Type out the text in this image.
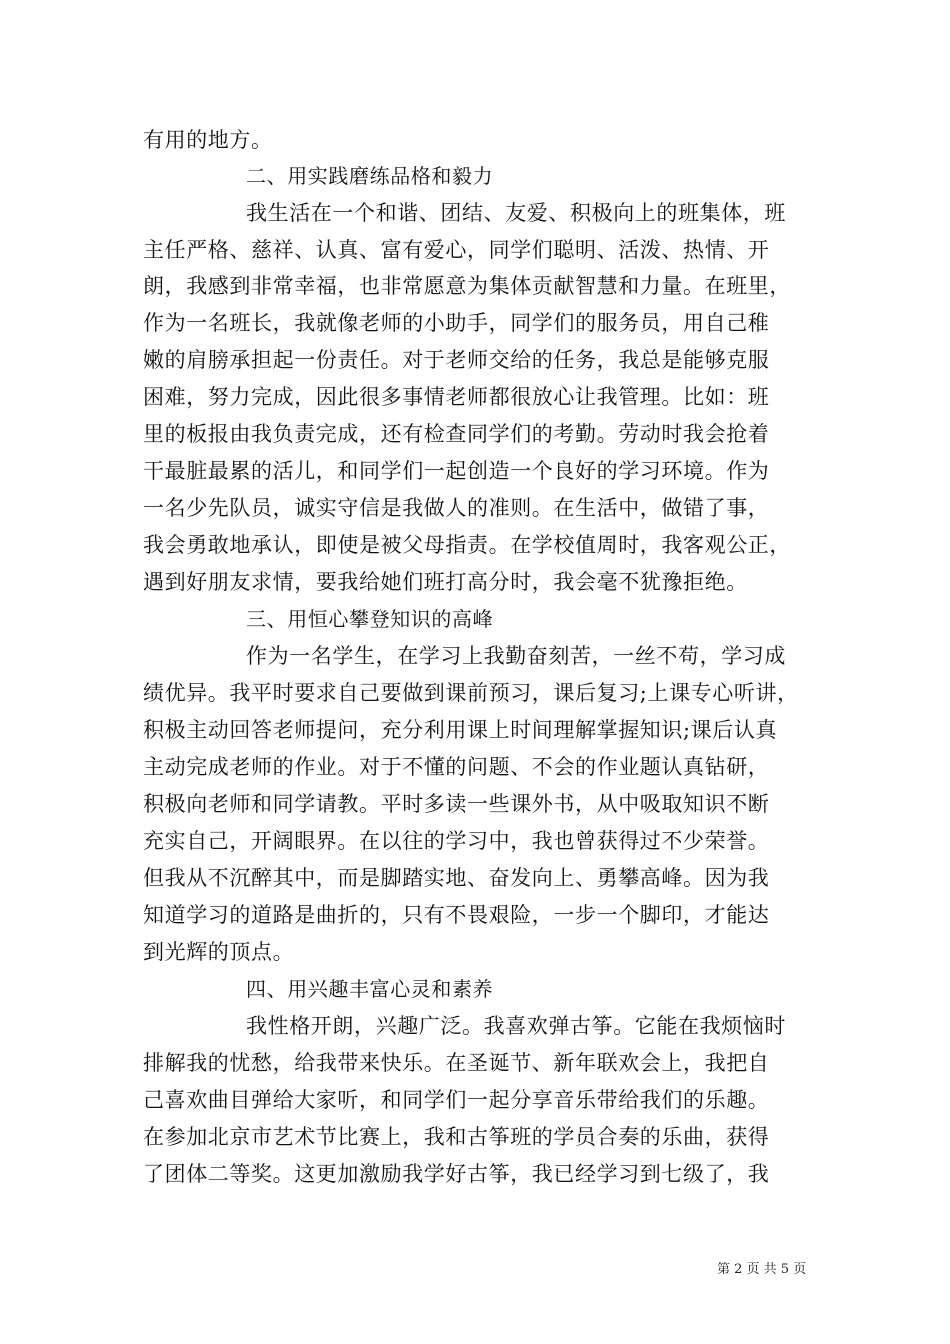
有用的地方。
二、用实践磨练品格和毅力
我生活在一个和谐、团结、友爱、积极向上的班集体，班
主任严格、慈祥、认真、富有爱心，同学们聪明、活泼、热情、开
朗，我感到非常幸福，也非常愿意为集体贡献智慧和力量。在班里，
作为一名班长，我就像老师的小助手，同学们的服务员，用自己稚
嫩的肩膀承担起一份责任。对于老师交给的任务，我总是能够克服
困难，努力完成，因此很多事情老师都很放心让我管理。比如：班
里的板报由我负责完成，还有检查同学们的考勤。劳动时我会抢着
干最脏最累的活儿，和同学们一起创造一个良好的学习环境。作为
一名少先队员，诚实守信是我做人的准则。在生活中，做错了事，
我会勇敢地承认，即使是被父母指责。在学校值周时，我客观公正，
遇到好朋友求情，要我给她们班打高分时，我会毫不犹豫拒绝。
三、用恒心攀登知识的高峰
作为一名学生，在学习上我勤奋刻苦，一丝不苟，学习成
绩优异。我平时要求自己要做到课前预习，课后复习;上课专心听讲，
积极主动回答老师提问，充分利用课上时间理解掌握知识;课后认真
主动完成老师的作业。对于不懂的问题、不会的作业题认真钻研，
积极向老师和同学请教。平时多读一些课外书，从中吸取知识不断
充实自己，开阔眼界。在以往的学习中，我也曾获得过不少荣誉。
但我从不沉醉其中，而是脚踏实地、奋发向上、勇攀高峰。因为我
知道学习的道路是曲折的，只有不畏艰险，一步一个脚印，才能达
到光辉的顶点。
四、用兴趣丰富心灵和素养
我性格开朗，兴趣广泛。我喜欢弹古筝。它能在我烦恼时
排解我的忧愁，给我带来快乐。在圣诞节、新年联欢会上，我把自
己喜欢曲目弹给大家听，和同学们一起分享音乐带给我们的乐趣。
在参加北京市艺术节比赛上，我和古筝班的学员合奏的乐曲，获得
了团体二等奖。这更加激励我学好古筝，我已经学习到七级了，我
第 2 页 共 5 页
